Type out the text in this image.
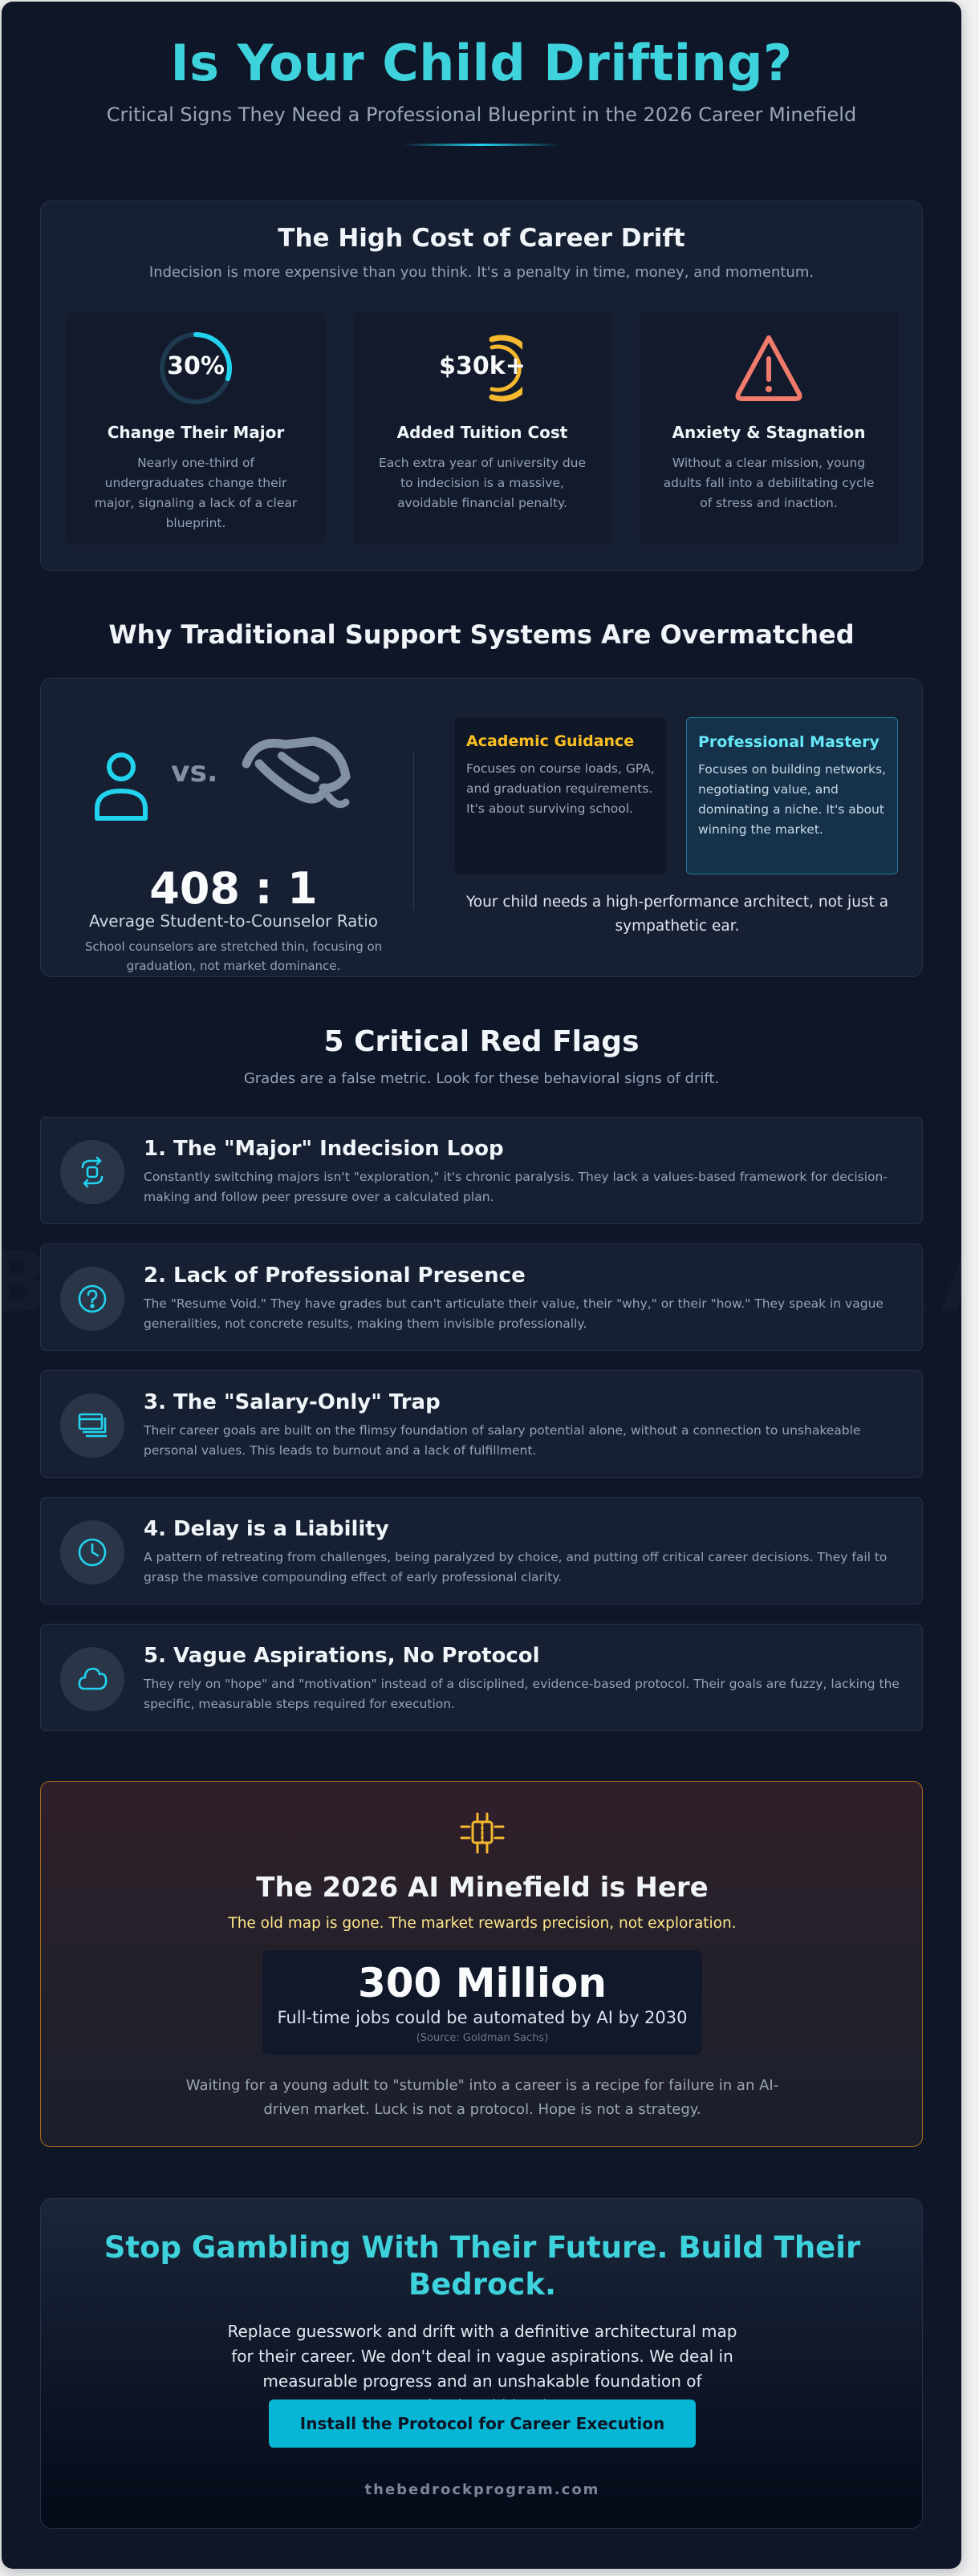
Is Your Child Drifting?
Critical Signs They Need a Professional Blueprint in the 2026 Career Minefield
The High Cost of Career Drift
Indecision is more expensive than you think. It's a penalty in time, money, and momentum.
30%
Change Their Major

Nearly one-third of undergraduates change their major, signaling a lack of a clear blueprint.

$30k+
Added Tuition Cost

Each extra year of university due to indecision is a massive, avoidable financial penalty.

Anxiety & Stagnation

Without a clear mission, young adults fall into a debilitating cycle of stress and inaction.

Why Traditional Support Systems Are Overmatched
vs.
408 : 1
Average Student-to-Counselor Ratio
School counselors are stretched thin, focusing on graduation, not market dominance.
Academic Guidance

Focuses on course loads, GPA, and graduation requirements. It's about surviving school.

Professional Mastery

Focuses on building networks, negotiating value, and dominating a niche. It's about winning the market.

Your child needs a high-performance architect, not just a sympathetic ear.
5 Critical Red Flags
Grades are a false metric. Look for these behavioral signs of drift.
1. The "Major" Indecision Loop

Constantly switching majors isn't "exploration," it's chronic paralysis. They lack a values-based framework for decision-making and follow peer pressure over a calculated plan.

2. Lack of Professional Presence

The "Resume Void." They have grades but can't articulate their value, their "why," or their "how." They speak in vague generalities, not concrete results, making them invisible professionally.

3. The "Salary-Only" Trap

Their career goals are built on the flimsy foundation of salary potential alone, without a connection to unshakeable personal values. This leads to burnout and a lack of fulfillment.

4. Delay is a Liability

A pattern of retreating from challenges, being paralyzed by choice, and putting off critical career decisions. They fail to grasp the massive compounding effect of early professional clarity.

5. Vague Aspirations, No Protocol

They rely on "hope" and "motivation" instead of a disciplined, evidence-based protocol. Their goals are fuzzy, lacking the specific, measurable steps required for execution.

The 2026 AI Minefield is Here
The old map is gone. The market rewards precision, not exploration.
300 Million
Full-time jobs could be automated by AI by 2030
(Source: Goldman Sachs)
Waiting for a young adult to "stumble" into a career is a recipe for failure in an AI-driven market. Luck is not a protocol. Hope is not a strategy.
Stop Gambling With Their Future. Build Their Bedrock.

Replace guesswork and drift with a definitive architectural map for their career. We don't deal in vague aspirations. We deal in measurable progress and an unshakable foundation of

Install the Protocol for Career Execution
thebedrockprogram.com
